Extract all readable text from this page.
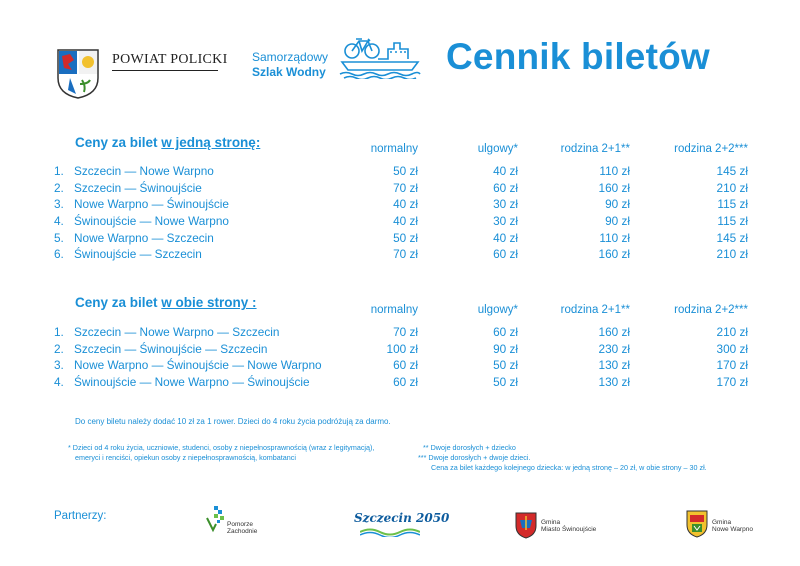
POWIAT POLICKI Samorządowy
Szlak Wodny	Cennik biletów
Ceny za bilet w jedną stronę:	normalny	ulgowy*	rodzina 2+1**	rodzina 2+2***
1. Szczecin — Nowe Warpno	50 zł	40 zł	110 zł	145 zł
2. Szczecin — Świnoujście	70 zł	60 zł	160 zł	210 zł
3. Nowe Warpno — Świnoujście	40 zł	30 zł	90 zł	115 zł
4. Świnoujście — Nowe Warpno	40 zł	30 zł	90 zł	115 zł
5. Nowe Warpno — Szczecin	50 zł	40 zł	110 zł	145 zł
6. Świnoujście — Szczecin	70 zł	60 zł	160 zł	210 zł
Ceny za bilet w obie strony :	normalny	ulgowy*	rodzina 2+1**	rodzina 2+2***
1. Szczecin — Nowe Warpno — Szczecin	70 zł	60 zł	160 zł	210 zł
2. Szczecin — Świnoujście — Szczecin	100 zł	90 zł	230 zł	300 zł
3. Nowe Warpno — Świnoujście — Nowe Warpno	60 zł	50 zł	130 zł	170 zł
4. Świnoujście — Nowe Warpno — Świnoujście	60 zł	50 zł	130 zł	170 zł
Do ceny biletu należy dodać 10 zł za 1 rower. Dzieci do 4 roku życia podróżują za darmo.
* Dzieci od 4 roku życia, uczniowie, studenci, osoby z niepełnosprawnością (wraz z legitymacją),
emeryci i renciści, opiekun osoby z niepełnosprawnością, kombatanci
** Dwoje dorosłych + dziecko
*** Dwoje dorosłych + dwoje dzieci.
Cena za bilet każdego kolejnego dziecka: w jedną stronę – 20 zł, w obie strony – 30 zł.
Partnerzy:
Pomorze
Zachodnie
Szczecin 2050	Gmina
Miasto Świnoujście
Gmina
Nowe Warpno
